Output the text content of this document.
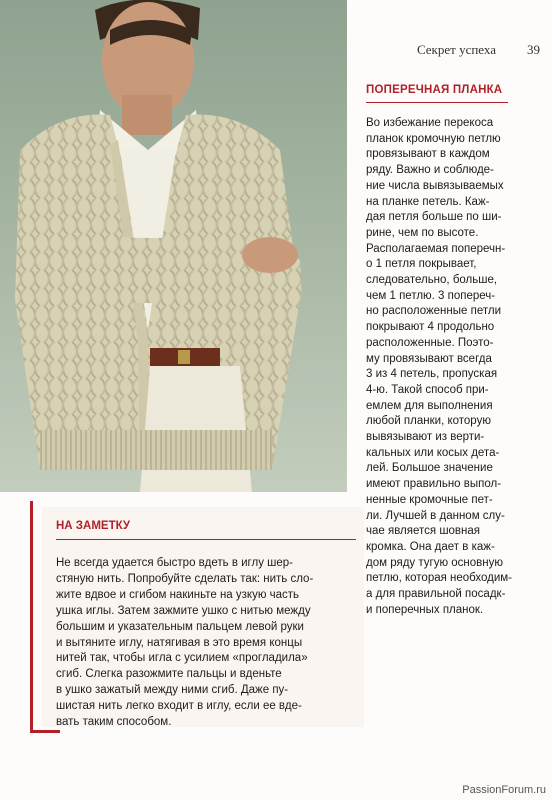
Секрет успеха 39
ПОПЕРЕЧНАЯ ПЛАНКА
Во избежание перекоса
планок кромочную петлю
провязывают в каждом
ряду. Важно и соблюде-
ние числа вывязываемых
на планке петель. Каж-
дая петля больше по ши-
рине, чем по высоте.
Располагаемая поперечн-
о 1 петля покрывает,
следовательно, больше,
чем 1 петлю. 3 попереч-
но расположенные петли
покрывают 4 продольно
расположенные. Поэто-
му провязывают всегда
3 из 4 петель, пропуская
4-ю. Такой способ при-
емлем для выполнения
любой планки, которую
вывязывают из верти-
кальных или косых дета-
лей. Большое значение
имеют правильно выпол-
ненные кромочные пет-
ли. Лучшей в данном слу-
чае является шовная
кромка. Она дает в каж-
дом ряду тугую основную
петлю, которая необходим-
а для правильной посадк-
и поперечных планок.
НА ЗАМЕТКУ
Не всегда удается быстро вдеть в иглу шер-
стяную нить. Попробуйте сделать так: нить сло-
жите вдвое и сгибом накиньте на узкую часть
ушка иглы. Затем зажмите ушко с нитью между
большим и указательным пальцем левой руки
и вытяните иглу, натягивая в это время концы
нитей так, чтобы игла с усилием «прогладила»
сгиб. Слегка разожмите пальцы и вденьте
в ушко зажатый между ними сгиб. Даже пу-
шистая нить легко входит в иглу, если ее вде-
вать таким способом.
PassionForum.ru
